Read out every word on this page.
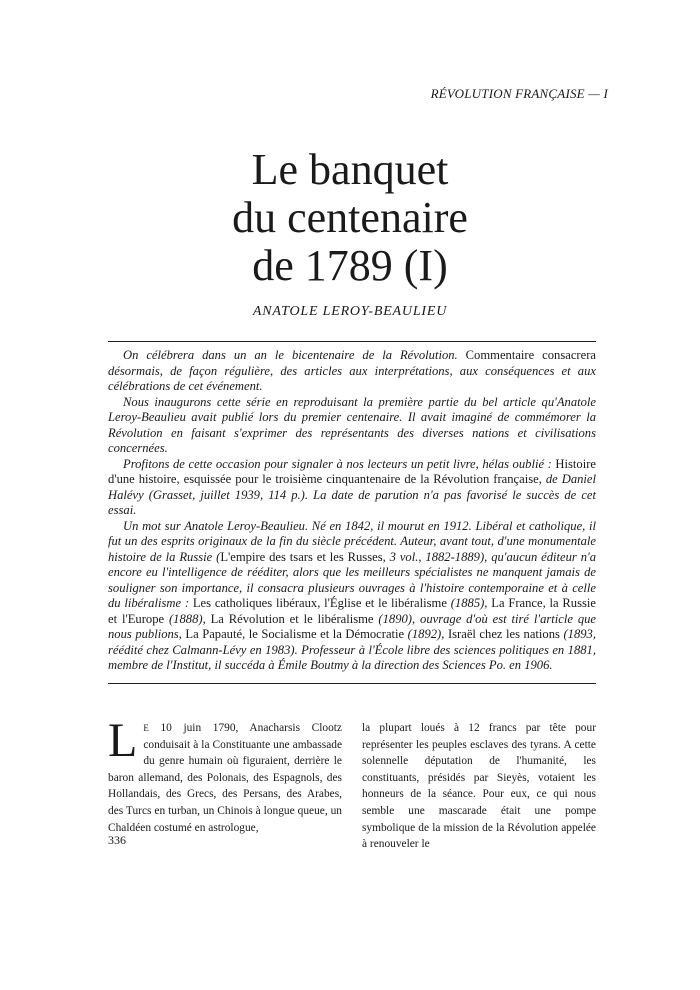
RÉVOLUTION FRANÇAISE — I
Le banquet
du centenaire
de 1789 (I)
ANATOLE LEROY-BEAULIEU

On célébrera dans un an le bicentenaire de la Révolution. Commentaire consacrera désormais, de façon régulière, des articles aux interprétations, aux conséquences et aux célébrations de cet événement.

Nous inaugurons cette série en reproduisant la première partie du bel article qu'Anatole Leroy-Beaulieu avait publié lors du premier centenaire. Il avait imaginé de commémorer la Révolution en faisant s'exprimer des représentants des diverses nations et civilisations concernées.

Profitons de cette occasion pour signaler à nos lecteurs un petit livre, hélas oublié : Histoire d'une histoire, esquissée pour le troisième cinquantenaire de la Révolution française, de Daniel Halévy (Grasset, juillet 1939, 114 p.). La date de parution n'a pas favorisé le succès de cet essai.

Un mot sur Anatole Leroy-Beaulieu. Né en 1842, il mourut en 1912. Libéral et catholique, il fut un des esprits originaux de la fin du siècle précédent. Auteur, avant tout, d'une monumentale histoire de la Russie (L'empire des tsars et les Russes, 3 vol., 1882-1889), qu'aucun éditeur n'a encore eu l'intelligence de rééditer, alors que les meilleurs spécialistes ne manquent jamais de souligner son importance, il consacra plusieurs ouvrages à l'histoire contemporaine et à celle du libéralisme : Les catholiques libéraux, l'Église et le libéralisme (1885), La France, la Russie et l'Europe (1888), La Révolution et le libéralisme (1890), ouvrage d'où est tiré l'article que nous publions, La Papauté, le Socialisme et la Démocratie (1892), Israël chez les nations (1893, réédité chez Calmann-Lévy en 1983). Professeur à l'École libre des sciences politiques en 1881, membre de l'Institut, il succéda à Émile Boutmy à la direction des Sciences Po. en 1906.

L E 10 juin 1790, Anacharsis Clootz conduisait à la Constituante une ambassade du genre humain où figuraient, derrière le baron allemand, des Polonais, des Espagnols, des Hollandais, des Grecs, des Persans, des Arabes, des Turcs en turban, un Chinois à longue queue, un Chaldéen costumé en astrologue,

la plupart loués à 12 francs par tête pour représenter les peuples esclaves des tyrans. A cette solennelle députation de l'humanité, les constituants, présidés par Sieyès, votaient les honneurs de la séance. Pour eux, ce qui nous semble une mascarade était une pompe symbolique de la mission de la Révolution appelée à renouveler le

336
